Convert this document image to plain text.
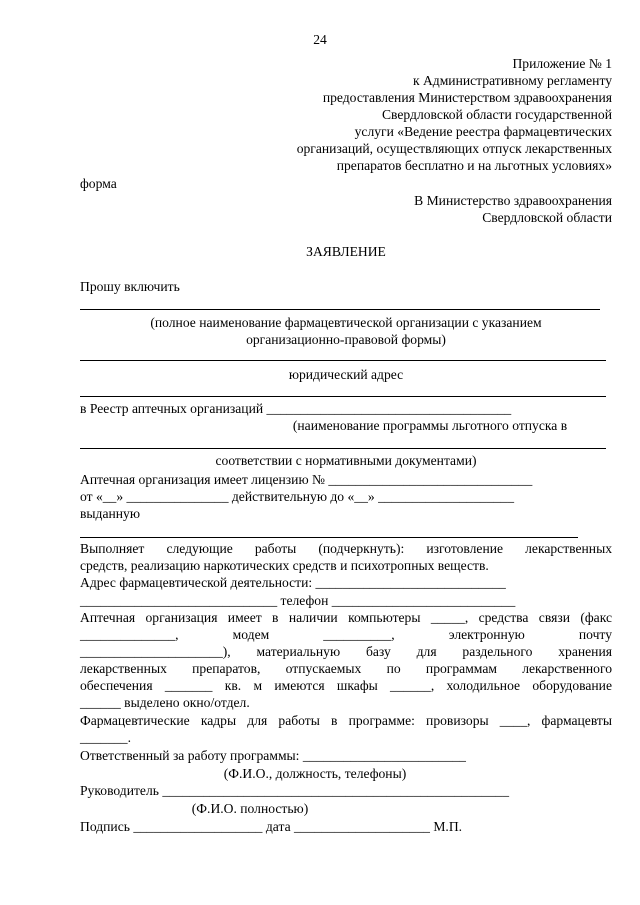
24
Приложение № 1
к Административному регламенту
предоставления Министерством здравоохранения
Свердловской области государственной
услуги «Ведение реестра фармацевтических
организаций, осуществляющих отпуск лекарственных
препаратов бесплатно и на льготных условиях»
форма
В Министерство здравоохранения
Свердловской области
ЗАЯВЛЕНИЕ
Прошу включить
(полное наименование фармацевтической организации с указанием
организационно-правовой формы)
юридический адрес
в Реестр аптечных организаций ____________________________________
(наименование программы льготного отпуска в
соответствии с нормативными документами)
Аптечная организация имеет лицензию № ______________________________
от «__» _______________ действительную до «__» ____________________
выданную
Выполняет следующие работы (подчеркнуть): изготовление лекарственных
средств, реализацию наркотических средств и психотропных веществ.
Адрес фармацевтической деятельности: ____________________________
_____________________________ телефон ___________________________
Аптечная организация имеет в наличии компьютеры _____, средства связи (факс
______________, модем __________, электронную почту
_____________________), материальную базу для раздельного хранения
лекарственных препаратов, отпускаемых по программам лекарственного
обеспечения _______ кв. м имеются шкафы ______, холодильное оборудование
______ выделено окно/отдел.
Фармацевтические кадры для работы в программе: провизоры ____, фармацевты
_______.
Ответственный за работу программы: ________________________
(Ф.И.О., должность, телефоны)
Руководитель ___________________________________________________
(Ф.И.О. полностью)
Подпись ___________________ дата ____________________ М.П.
